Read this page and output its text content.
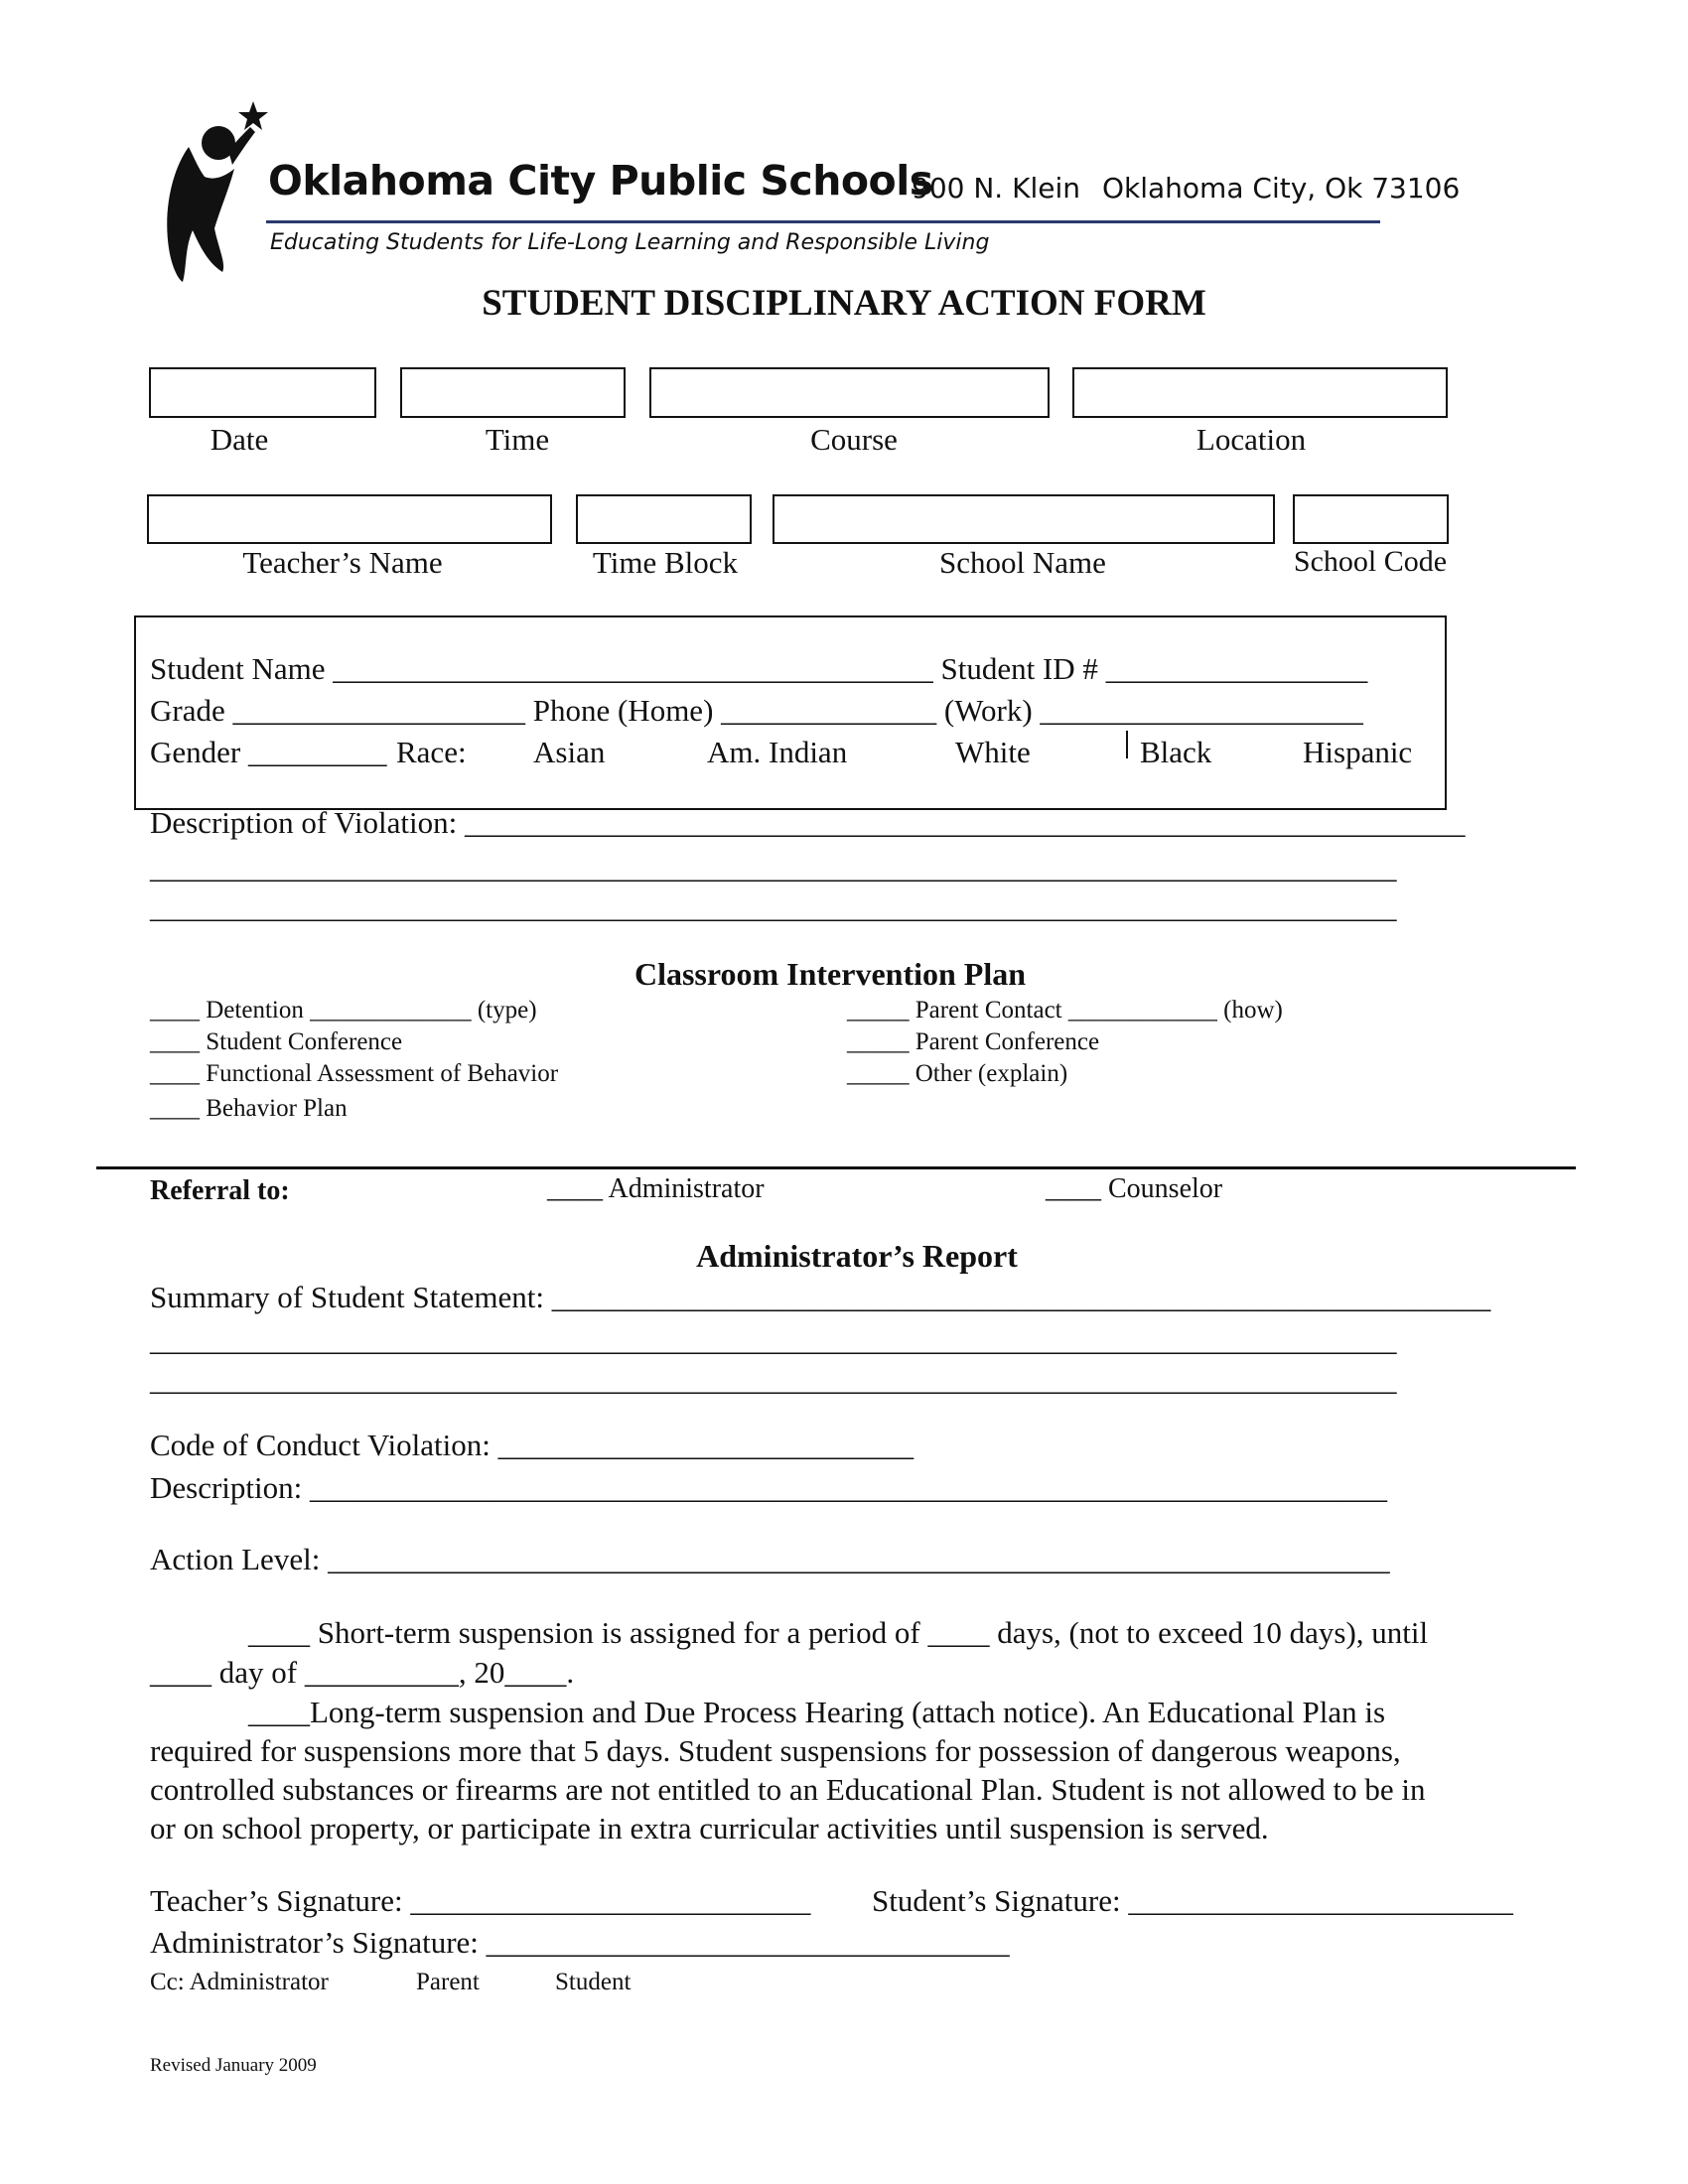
Oklahoma City Public Schools
900 N. Klein Oklahoma City, Ok 73106
Educating Students for Life-Long Learning and Responsible Living
STUDENT DISCIPLINARY ACTION FORM
Date	Time	Course	Location
Teacher’s Name	Time Block	School Name	School Code
Student Name _______________________________________ Student ID # _________________
Grade ___________________ Phone (Home) ______________ (Work) _____________________
Gender _________ Race: Asian	Am. Indian	White	Black	Hispanic
Description of Violation: _________________________________________________________________
_________________________________________________________________________________
_________________________________________________________________________________
Classroom Intervention Plan
____ Detention _____________ (type)
____ Student Conference
____ Functional Assessment of Behavior
____ Behavior Plan
_____ Parent Contact ____________ (how)
_____ Parent Conference
_____ Other (explain)
Referral to:	____ Administrator	____ Counselor
Administrator’s Report
Summary of Student Statement: _____________________________________________________________
_________________________________________________________________________________
_________________________________________________________________________________
Code of Conduct Violation: ___________________________
Description: ______________________________________________________________________
Action Level: _____________________________________________________________________
____ Short-term suspension is assigned for a period of ____ days, (not to exceed 10 days), until
____ day of __________, 20____.
____Long-term suspension and Due Process Hearing (attach notice). An Educational Plan is
required for suspensions more that 5 days. Student suspensions for possession of dangerous weapons,
controlled substances or firearms are not entitled to an Educational Plan. Student is not allowed to be in
or on school property, or participate in extra curricular activities until suspension is served.
Teacher’s Signature: __________________________ Student’s Signature: _________________________
Administrator’s Signature: __________________________________
Cc: Administrator	Parent	Student
Revised January 2009
